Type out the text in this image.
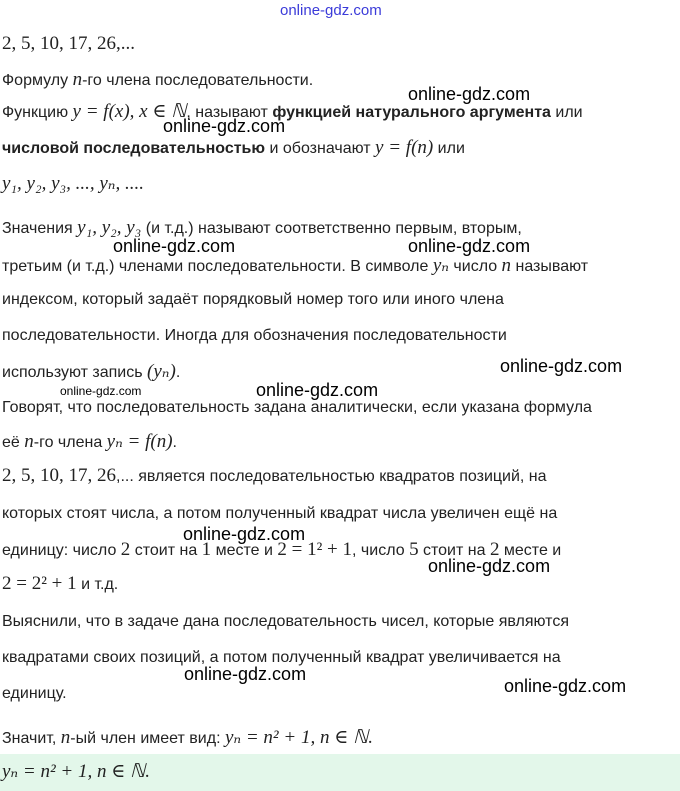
2, 5, 10, 17, 26,...
Формулу n-го члена последовательности.
Функцию y = f(x), x ∈ ℕ, называют функцией натурального аргумента или
числовой последовательностью и обозначают y = f(n) или
y₁, y₂, y₃, ..., yₙ, ....
Значения y₁, y₂, y₃ (и т.д.) называют соответственно первым, вторым,
третьим (и т.д.) членами последовательности. В символе yₙ число n называют
индексом, который задаёт порядковый номер того или иного члена
последовательности. Иногда для обозначения последовательности
используют запись (yₙ).
Говорят, что последовательность задана аналитически, если указана формула
её n-го члена yₙ = f(n).
2, 5, 10, 17, 26,... является последовательностью квадратов позиций, на
которых стоят числа, а потом полученный квадрат числа увеличен ещё на
единицу: число 2 стоит на 1 месте и 2 = 1² + 1, число 5 стоит на 2 месте и
2 = 2² + 1 и т.д.
Выяснили, что в задаче дана последовательность чисел, которые являются
квадратами своих позиций, а потом полученный квадрат увеличивается на
единицу.
Значит, n-ый член имеет вид: yₙ = n² + 1, n ∈ ℕ.
yₙ = n² + 1, n ∈ ℕ.
online-gdz.com
online-gdz.com
online-gdz.com
online-gdz.com	online-gdz.com
online-gdz.com
online-gdz.com	online-gdz.com
online-gdz.com
online-gdz.com
online-gdz.com
online-gdz.com
